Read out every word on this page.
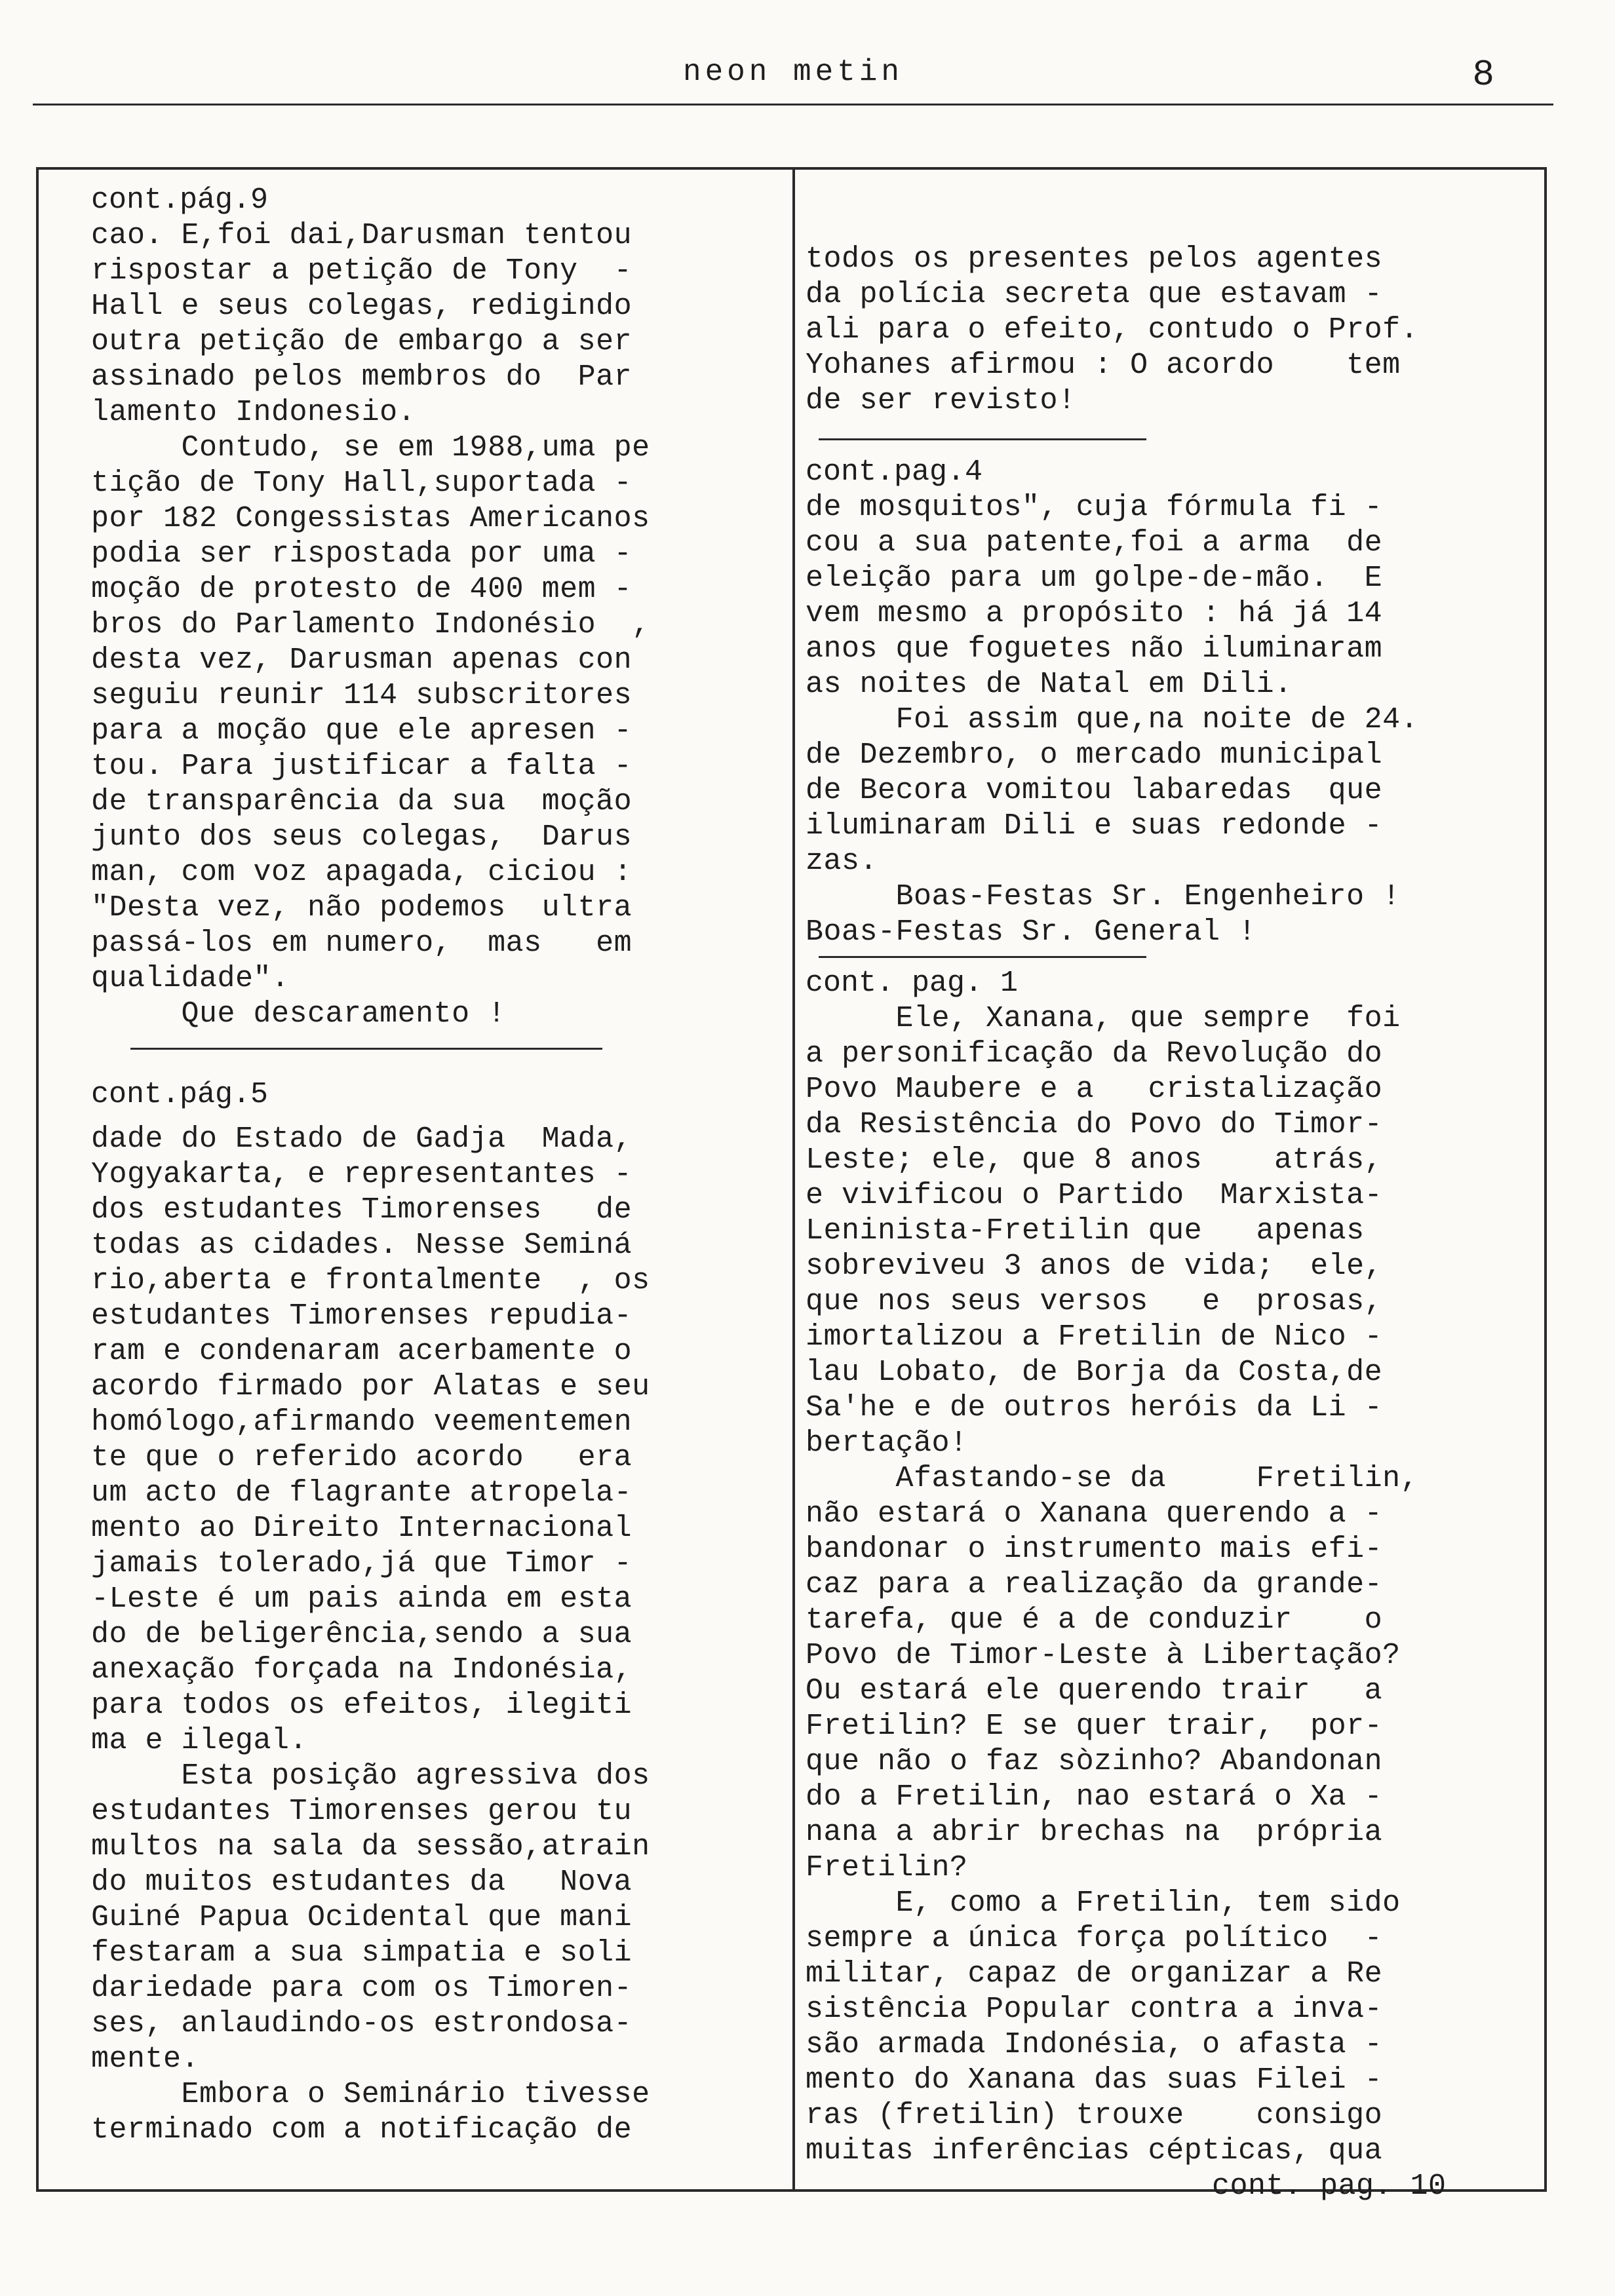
neon metin	8

cont.pág.9

cao. E,foi dai,Darusman tentou

rispostar a petição de Tony  -

Hall e seus colegas, redigindo

outra petição de embargo a ser

assinado pelos membros do  Par

lamento Indonesio.

Contudo, se em 1988,uma pe

tição de Tony Hall,suportada -

por 182 Congessistas Americanos

podia ser rispostada por uma -

moção de protesto de 400 mem -

bros do Parlamento Indonésio  ,

desta vez, Darusman apenas con

seguiu reunir 114 subscritores

para a moção que ele apresen -

tou. Para justificar a falta -

de transparência da sua  moção

junto dos seus colegas,  Darus

man, com voz apagada, ciciou :

"Desta vez, não podemos  ultra

passá-los em numero,  mas   em

qualidade".

Que descaramento !

cont.pág.5

dade do Estado de Gadja  Mada,

Yogyakarta, e representantes -

dos estudantes Timorenses   de

todas as cidades. Nesse Seminá

rio,aberta e frontalmente  , os

estudantes Timorenses repudia-

ram e condenaram acerbamente o

acordo firmado por Alatas e seu

homólogo,afirmando veementemen

te que o referido acordo   era

um acto de flagrante atropela-

mento ao Direito Internacional

jamais tolerado,já que Timor -

-Leste é um pais ainda em esta

do de beligerência,sendo a sua

anexação forçada na Indonésia,

para todos os efeitos, ilegiti

ma e ilegal.

Esta posição agressiva dos

estudantes Timorenses gerou tu

multos na sala da sessão,atrain

do muitos estudantes da   Nova

Guiné Papua Ocidental que mani

festaram a sua simpatia e soli

dariedade para com os Timoren-

ses, anlaudindo-os estrondosa-

mente.

Embora o Seminário tivesse

terminado com a notificação de

todos os presentes pelos agentes

da polícia secreta que estavam -

ali para o efeito, contudo o Prof.

Yohanes afirmou : O acordo    tem

de ser revisto!

cont.pag.4

de mosquitos", cuja fórmula fi -

cou a sua patente,foi a arma  de

eleição para um golpe-de-mão.  E

vem mesmo a propósito : há já 14

anos que foguetes não iluminaram

as noites de Natal em Dili.

Foi assim que,na noite de 24.

de Dezembro, o mercado municipal

de Becora vomitou labaredas  que

iluminaram Dili e suas redonde -

zas.

Boas-Festas Sr. Engenheiro !

Boas-Festas Sr. General !

cont. pag. 1

Ele, Xanana, que sempre  foi

a personificação da Revolução do

Povo Maubere e a   cristalização

da Resistência do Povo do Timor-

Leste; ele, que 8 anos    atrás,

e vivificou o Partido  Marxista-

Leninista-Fretilin que   apenas

sobreviveu 3 anos de vida;  ele,

que nos seus versos   e  prosas,

imortalizou a Fretilin de Nico -

lau Lobato, de Borja da Costa,de

Sa'he e de outros heróis da Li -

bertação!

Afastando-se da     Fretilin,

não estará o Xanana querendo a -

bandonar o instrumento mais efi-

caz para a realização da grande-

tarefa, que é a de conduzir    o

Povo de Timor-Leste à Libertação?

Ou estará ele querendo trair   a

Fretilin? E se quer trair,  por-

que não o faz sòzinho? Abandonan

do a Fretilin, nao estará o Xa -

nana a abrir brechas na  própria

Fretilin?

E, como a Fretilin, tem sido

sempre a única força político  -

militar, capaz de organizar a Re

sistência Popular contra a inva-

são armada Indonésia, o afasta -

mento do Xanana das suas Filei -

ras (fretilin) trouxe    consigo

muitas inferências cépticas, qua

cont. pag. 10
